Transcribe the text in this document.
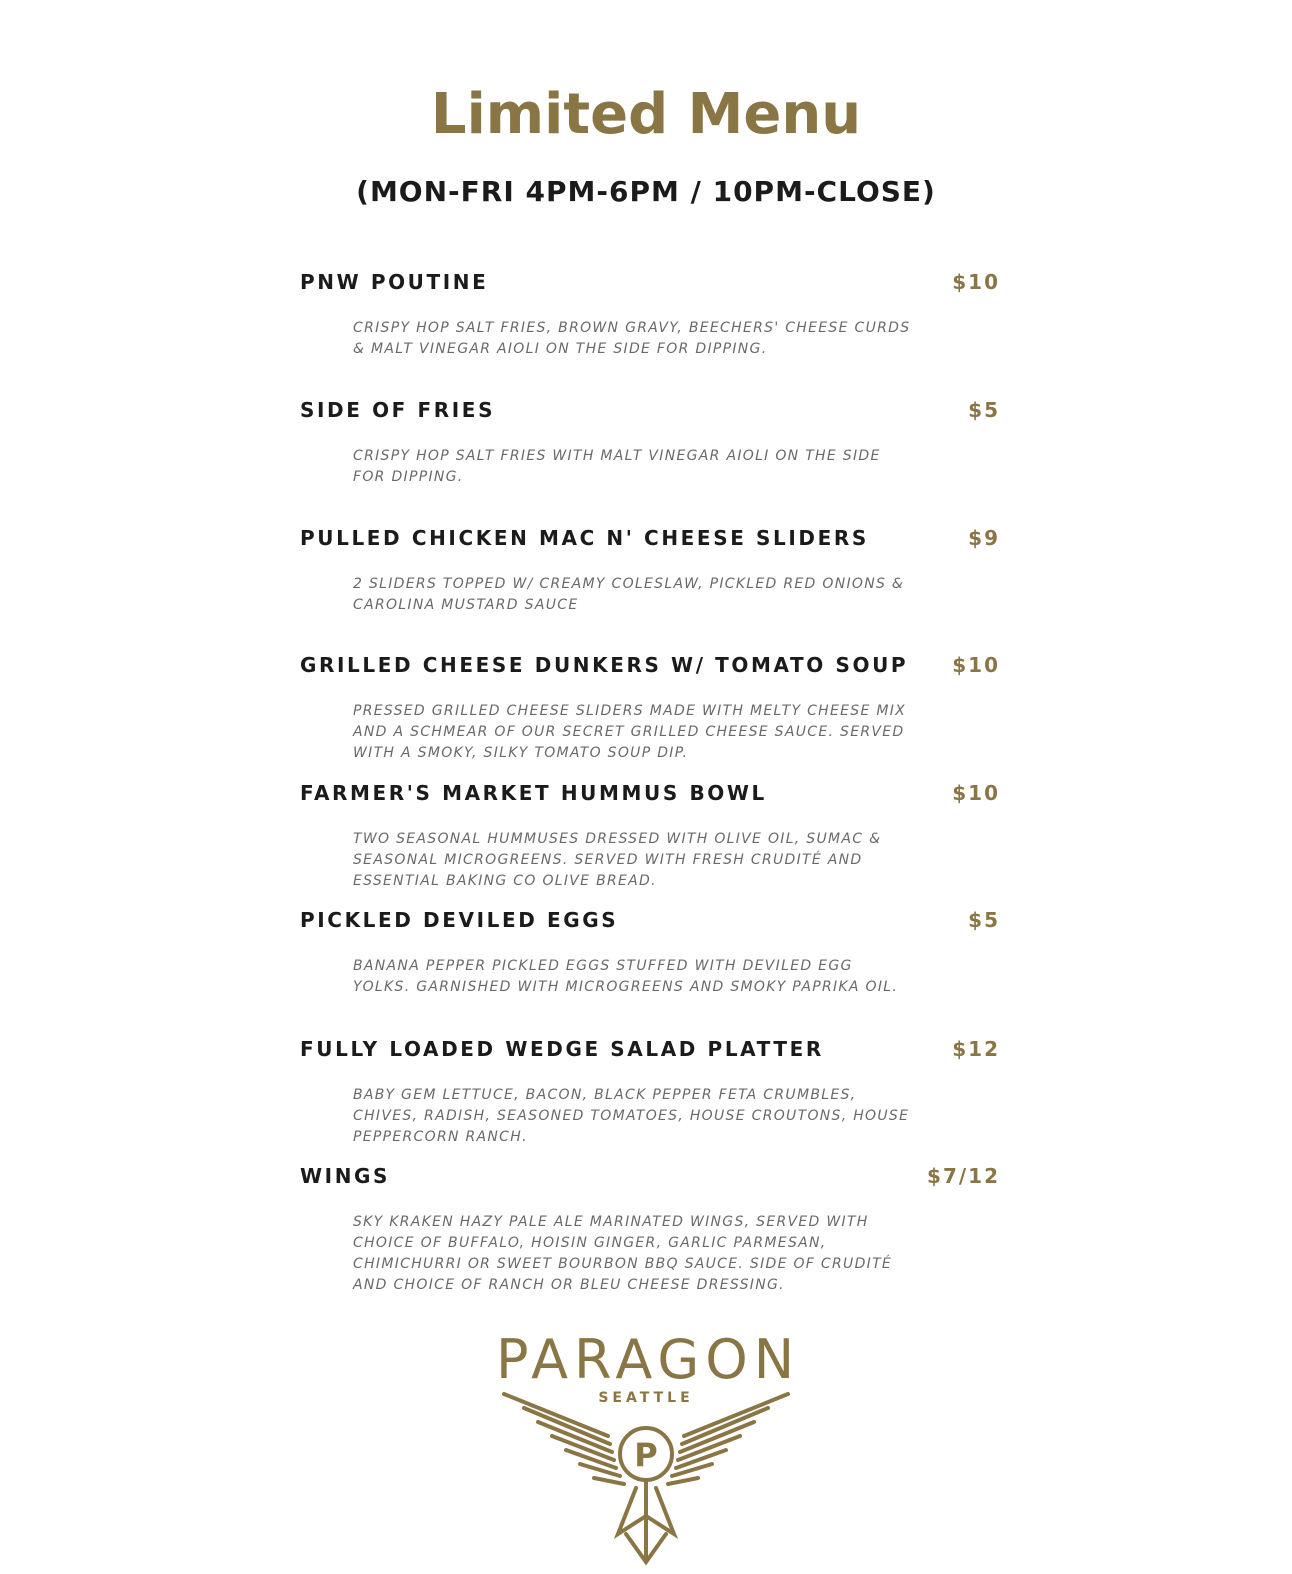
Limited Menu
(MON-FRI 4PM-6PM / 10PM-CLOSE)
PNW POUTINE	$10

CRISPY HOP SALT FRIES, BROWN GRAVY, BEECHERS' CHEESE CURDS & MALT VINEGAR AIOLI ON THE SIDE FOR DIPPING.

SIDE OF FRIES	$5

CRISPY HOP SALT FRIES WITH MALT VINEGAR AIOLI ON THE SIDE FOR DIPPING.

PULLED CHICKEN MAC N' CHEESE SLIDERS	$9

2 SLIDERS TOPPED W/ CREAMY COLESLAW, PICKLED RED ONIONS & CAROLINA MUSTARD SAUCE

GRILLED CHEESE DUNKERS W/ TOMATO SOUP $10

PRESSED GRILLED CHEESE SLIDERS MADE WITH MELTY CHEESE MIX AND A SCHMEAR OF OUR SECRET GRILLED CHEESE SAUCE. SERVED WITH A SMOKY, SILKY TOMATO SOUP DIP.

FARMER'S MARKET HUMMUS BOWL	$10

TWO SEASONAL HUMMUSES DRESSED WITH OLIVE OIL, SUMAC & SEASONAL MICROGREENS. SERVED WITH FRESH CRUDITÉ AND ESSENTIAL BAKING CO OLIVE BREAD.

PICKLED DEVILED EGGS	$5

BANANA PEPPER PICKLED EGGS STUFFED WITH DEVILED EGG YOLKS. GARNISHED WITH MICROGREENS AND SMOKY PAPRIKA OIL.

FULLY LOADED WEDGE SALAD PLATTER	$12

BABY GEM LETTUCE, BACON, BLACK PEPPER FETA CRUMBLES, CHIVES, RADISH, SEASONED TOMATOES, HOUSE CROUTONS, HOUSE PEPPERCORN RANCH.

WINGS	$7/12

SKY KRAKEN HAZY PALE ALE MARINATED WINGS, SERVED WITH CHOICE OF BUFFALO, HOISIN GINGER, GARLIC PARMESAN, CHIMICHURRI OR SWEET BOURBON BBQ SAUCE. SIDE OF CRUDITÉ AND CHOICE OF RANCH OR BLEU CHEESE DRESSING.

PARAGON
SEATTLE
P
